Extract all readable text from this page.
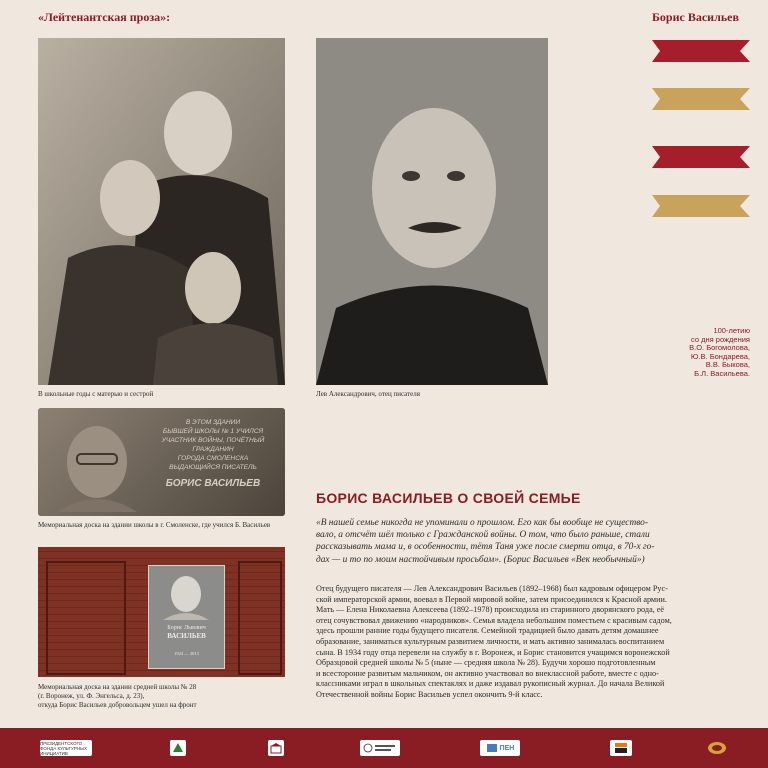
«Лейтенантская проза»:	Борис Васильев
В школьные годы с матерью и сестрой	Лев Александрович, отец писателя
100-летию
со дня рождения
В.О. Богомолова,
Ю.В. Бондарева,
В.В. Быкова,
Б.Л. Васильева.
В ЭТОМ ЗДАНИИ
БЫВШЕЙ ШКОЛЫ № 1 УЧИЛСЯ
УЧАСТНИК ВОЙНЫ, ПОЧЁТНЫЙ ГРАЖДАНИН
ГОРОДА СМОЛЕНСКА
ВЫДАЮЩИЙСЯ ПИСАТЕЛЬ
БОРИС ВАСИЛЬЕВ
Мемориальная доска на здании школы в г. Смоленске, где учился Б. Васильев
Борис Львович
ВАСИЛЬЕВ
1924 — 2013
Мемориальная доска на здании средней школы № 28
(г. Воронеж, ул. Ф. Энгельса, д. 23),
откуда Борис Васильев добровольцем ушел на фронт
БОРИС ВАСИЛЬЕВ О СВОЕЙ СЕМЬЕ
«В нашей семье никогда не упоминали о прошлом. Его как бы вообще не существо-
вало, а отсчёт шёл только с Гражданской войны. О том, что было раньше, стали
рассказывать мама и, в особенности, тётя Таня уже после смерти отца, в 70-х го-
дах — и то по моим настойчивым просьбам». (Борис Васильев «Век необычный»)
Отец будущего писателя — Лев Александрович Васильев (1892–1968) был кадровым офицером Рус-
ской императорской армии, воевал в Первой мировой войне, затем присоединился к Красной армии.
Мать — Елена Николаевна Алексеева (1892–1978) происходила из старинного дворянского рода, её
отец сочувствовал движению «народников». Семья владела небольшим поместьем с красивым садом,
здесь прошли ранние годы будущего писателя. Семейной традицией было давать детям домашнее
образование, заниматься культурным развитием личности, и мать активно занималась воспитанием
сына. В 1934 году отца перевели на службу в г. Воронеж, и Борис становится учащимся воронежской
Образцовой средней школы № 5 (ныне — средняя школа № 28). Будучи хорошо подготовленным
и всесторонне развитым мальчиком, он активно участвовал во внеклассной работе, вместе с одно-
классниками играл в школьных спектаклях и даже издавал рукописный журнал. До начала Великой
Отечественной войны Борис Васильев успел окончить 9-й класс.
ПРЕЗИДЕНТСКОГО ФОНДА КУЛЬТУРНЫХ ИНИЦИАТИВ
ПЕН
